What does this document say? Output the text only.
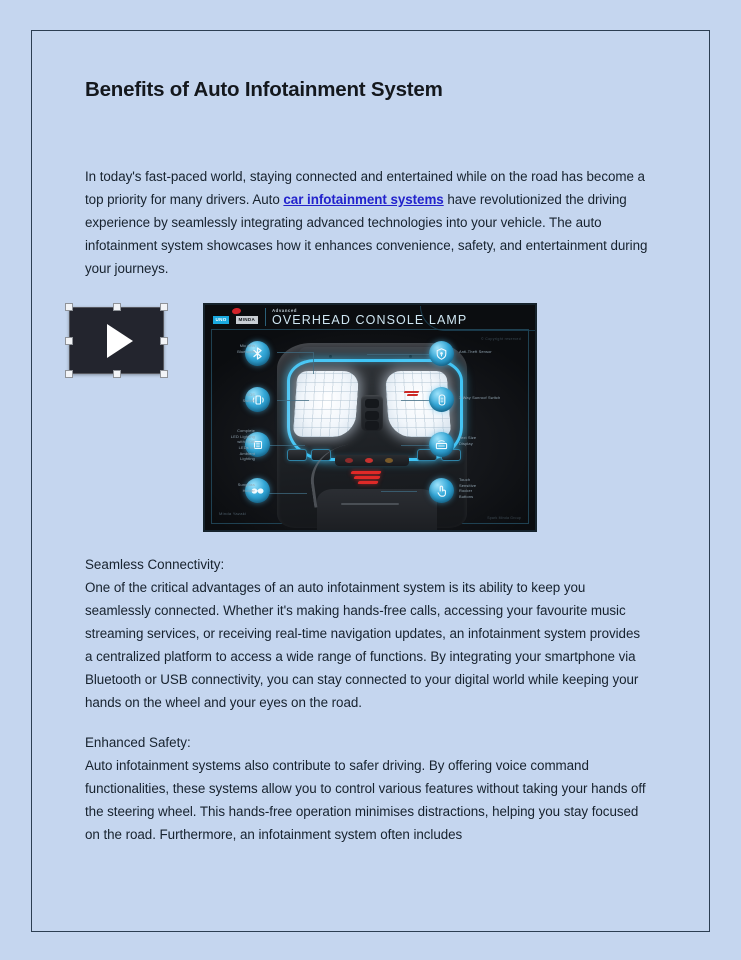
Benefits of Auto Infotainment System

In today's fast-paced world, staying connected and entertained while on the road has become a top priority for many drivers. Auto car infotainment systems have revolutionized the driving experience by seamlessly integrating advanced technologies into your vehicle. The auto infotainment system showcases how it enhances convenience, safety, and entertainment during your journeys.

UNO	MINDA
Advanced
OVERHEAD CONSOLE LAMP
© Copyright reserved
Mic with
Bluetooth
SOS
Switch
Complete
LED Lighting
with RGB
LEDs for
Ambient
Lighting
Sunglass
Holder
Anti-Theft Sensor
3-Way Sunroof Switch
Text Size
Display
Touch
Sensitive
Rocker
Buttons
Minda Yazaki
Spark Minda Group

Seamless Connectivity:

One of the critical advantages of an auto infotainment system is its ability to keep you seamlessly connected. Whether it's making hands-free calls, accessing your favourite music streaming services, or receiving real-time navigation updates, an infotainment system provides a centralized platform to access a wide range of functions. By integrating your smartphone via Bluetooth or USB connectivity, you can stay connected to your digital world while keeping your hands on the wheel and your eyes on the road.

Enhanced Safety:

Auto infotainment systems also contribute to safer driving. By offering voice command functionalities, these systems allow you to control various features without taking your hands off the steering wheel. This hands-free operation minimises distractions, helping you stay focused on the road. Furthermore, an infotainment system often includes
